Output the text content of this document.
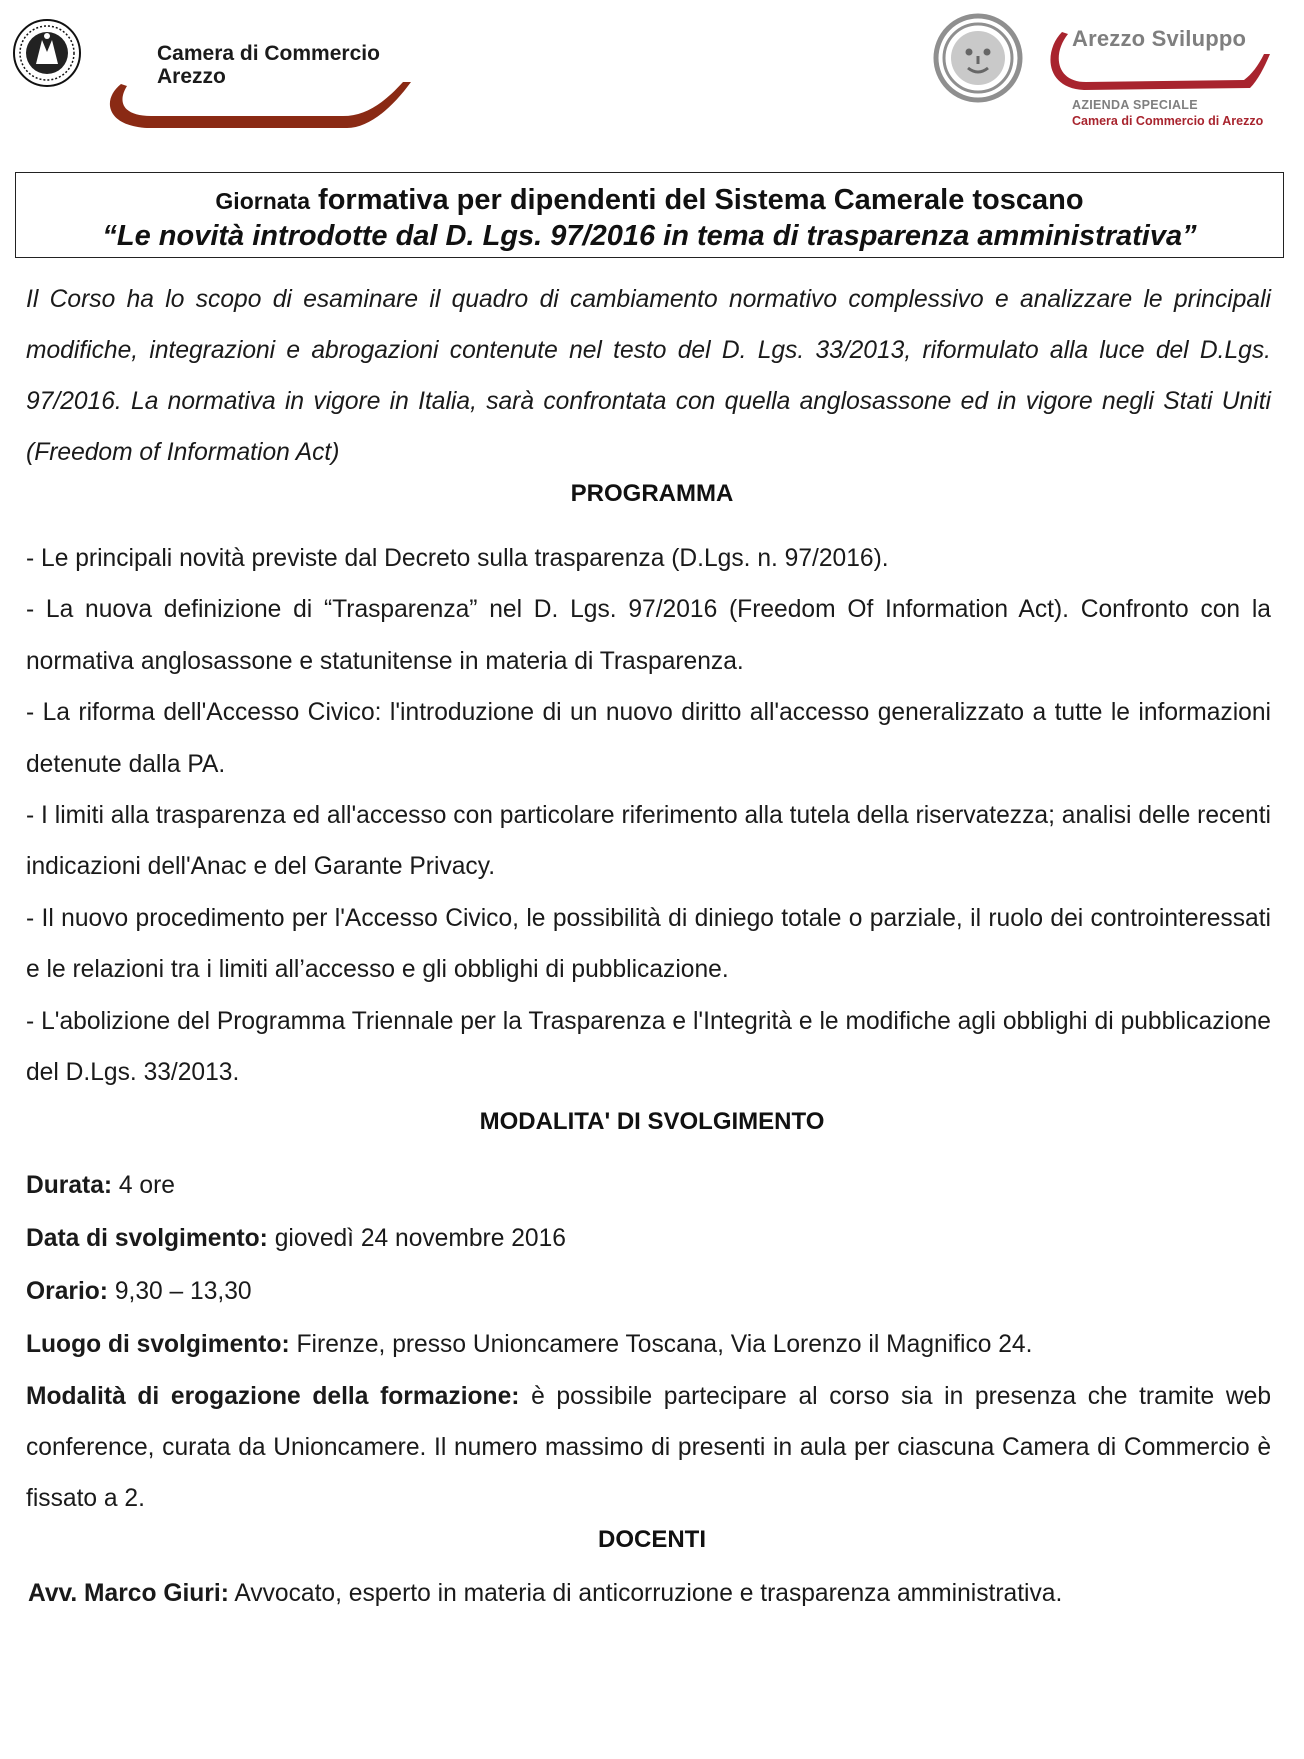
Camera di Commercio
Arezzo
Arezzo Sviluppo
AZIENDA SPECIALE
Camera di Commercio di Arezzo
Giornata formativa per dipendenti del Sistema Camerale toscano
“Le novità introdotte dal D. Lgs. 97/2016 in tema di trasparenza amministrativa”
Il Corso ha lo scopo di esaminare il quadro di cambiamento normativo complessivo e analizzare le principali modifiche, integrazioni e abrogazioni contenute nel testo del D. Lgs. 33/2013, riformulato alla luce del D.Lgs. 97/2016. La normativa in vigore in Italia, sarà confrontata con quella anglosassone ed in vigore negli Stati Uniti (Freedom of Information Act)
PROGRAMMA

- Le principali novità previste dal Decreto sulla trasparenza (D.Lgs. n. 97/2016).

- La nuova definizione di “Trasparenza” nel D. Lgs. 97/2016 (Freedom Of Information Act). Confronto con la normativa anglosassone e statunitense in materia di Trasparenza.

- La riforma dell'Accesso Civico: l'introduzione di un nuovo diritto all'accesso generalizzato a tutte le informazioni detenute dalla PA.

- I limiti alla trasparenza ed all'accesso con particolare riferimento alla tutela della riservatezza; analisi delle recenti indicazioni dell'Anac e del Garante Privacy.

- Il nuovo procedimento per l'Accesso Civico, le possibilità di diniego totale o parziale, il ruolo dei controinteressati e le relazioni tra i limiti all’accesso e gli obblighi di pubblicazione.

- L'abolizione del Programma Triennale per la Trasparenza e l'Integrità e le modifiche agli obblighi di pubblicazione del D.Lgs. 33/2013.

MODALITA' DI SVOLGIMENTO
Durata: 4 ore
Data di svolgimento: giovedì 24 novembre 2016
Orario: 9,30 – 13,30
Luogo di svolgimento: Firenze, presso Unioncamere Toscana, Via Lorenzo il Magnifico 24.
Modalità di erogazione della formazione: è possibile partecipare al corso sia in presenza che tramite web conference, curata da Unioncamere. Il numero massimo di presenti in aula per ciascuna Camera di Commercio è fissato a 2.
DOCENTI
Avv. Marco Giuri: Avvocato, esperto in materia di anticorruzione e trasparenza amministrativa.
